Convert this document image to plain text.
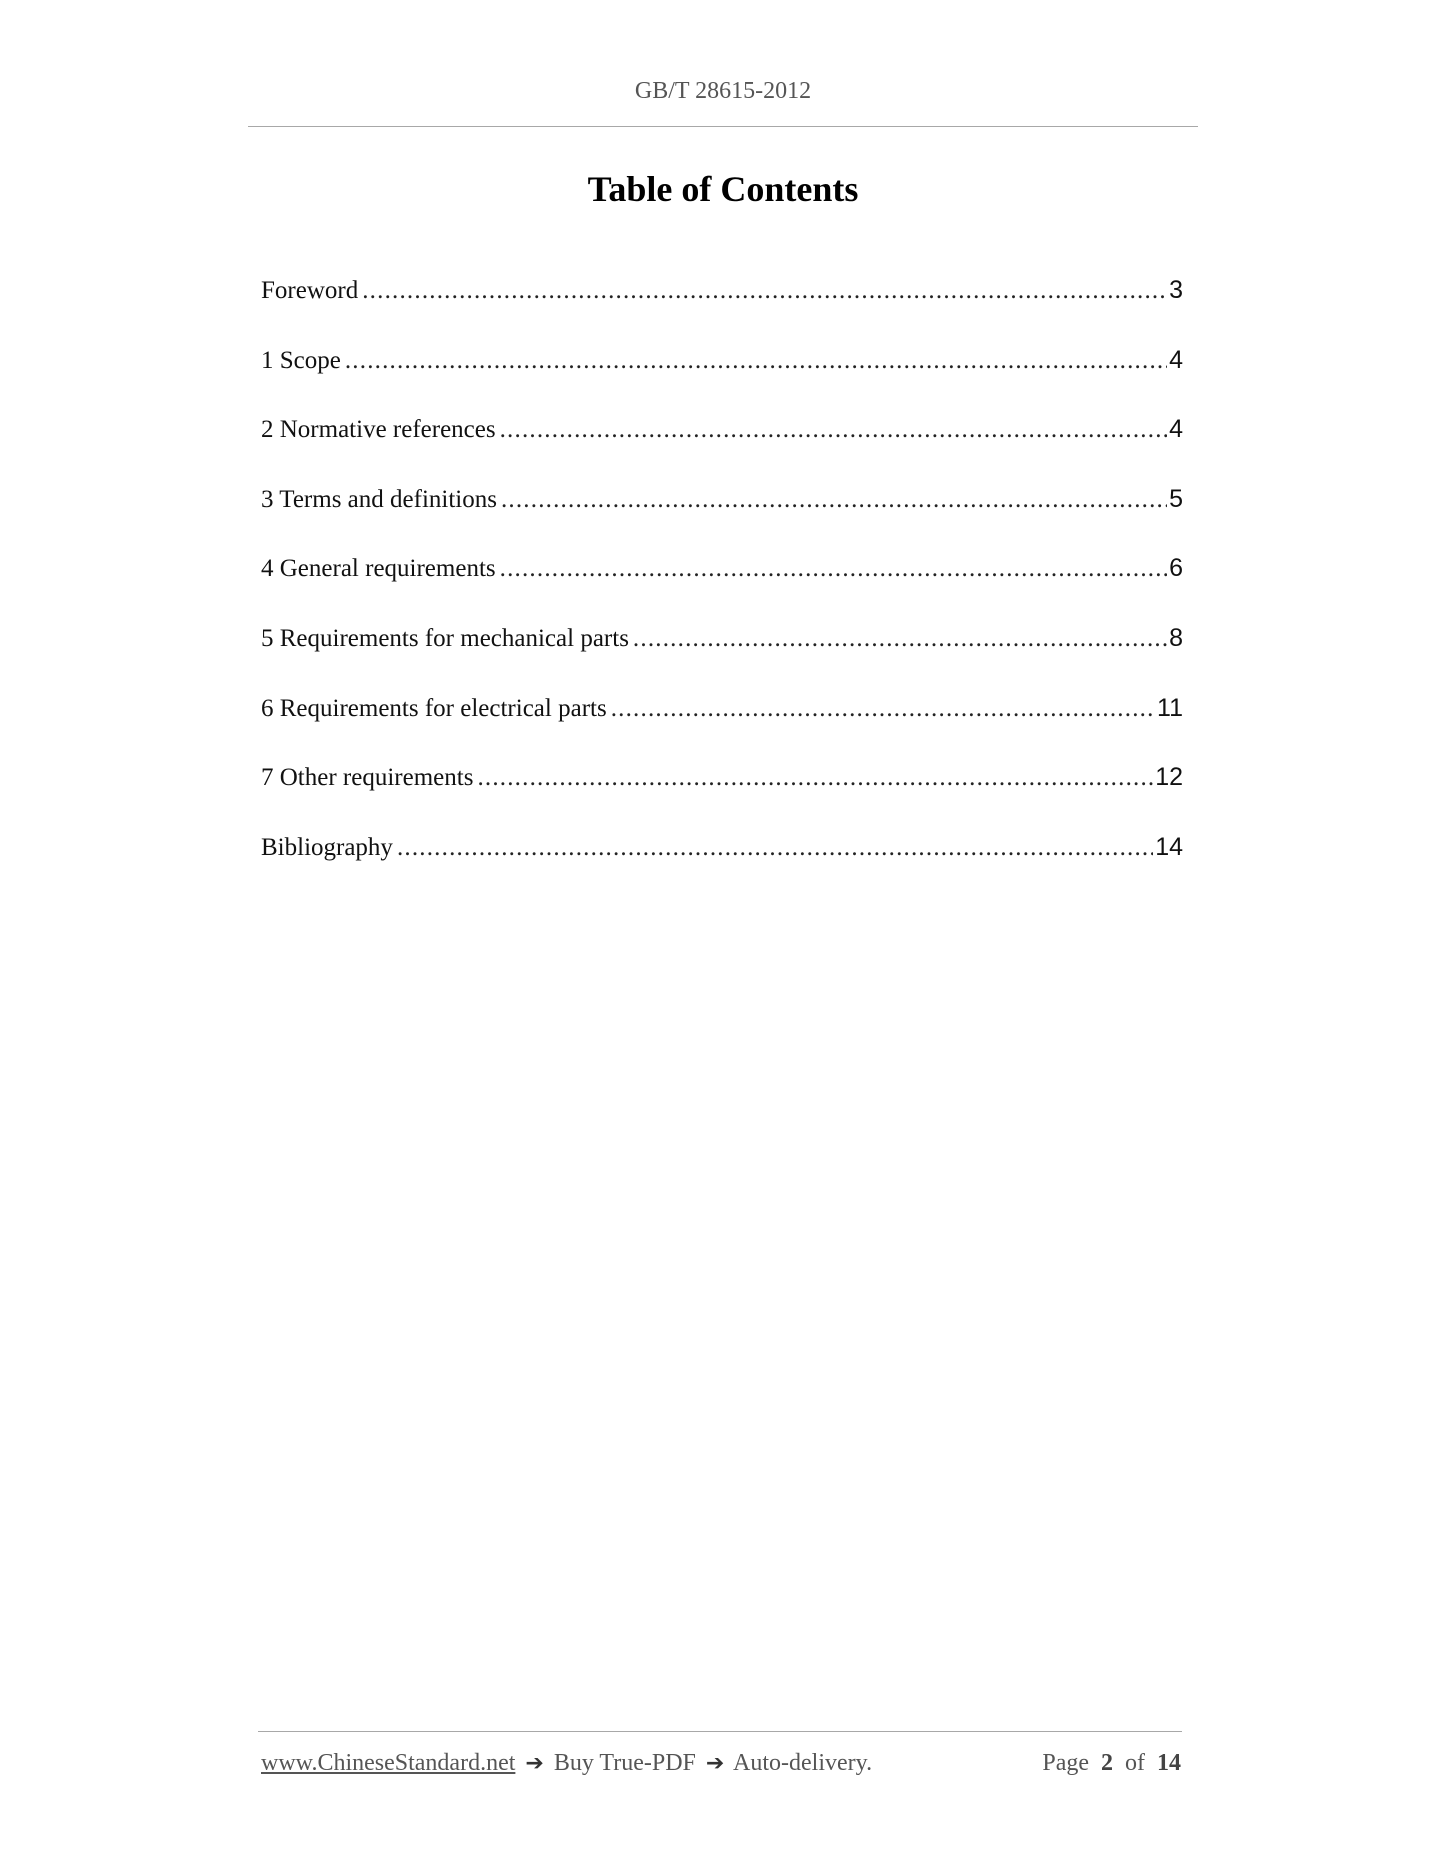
GB/T 28615-2012
Table of Contents
Foreword .....	3
1 Scope .....	4
2 Normative references .....	4
3 Terms and definitions .....	5
4 General requirements .....	6
5 Requirements for mechanical parts .....	8
6 Requirements for electrical parts .....	11
7 Other requirements .....	12
Bibliography .....	14
www.ChineseStandard.net ➔ Buy True-PDF ➔ Auto-delivery.	Page 2 of 14
